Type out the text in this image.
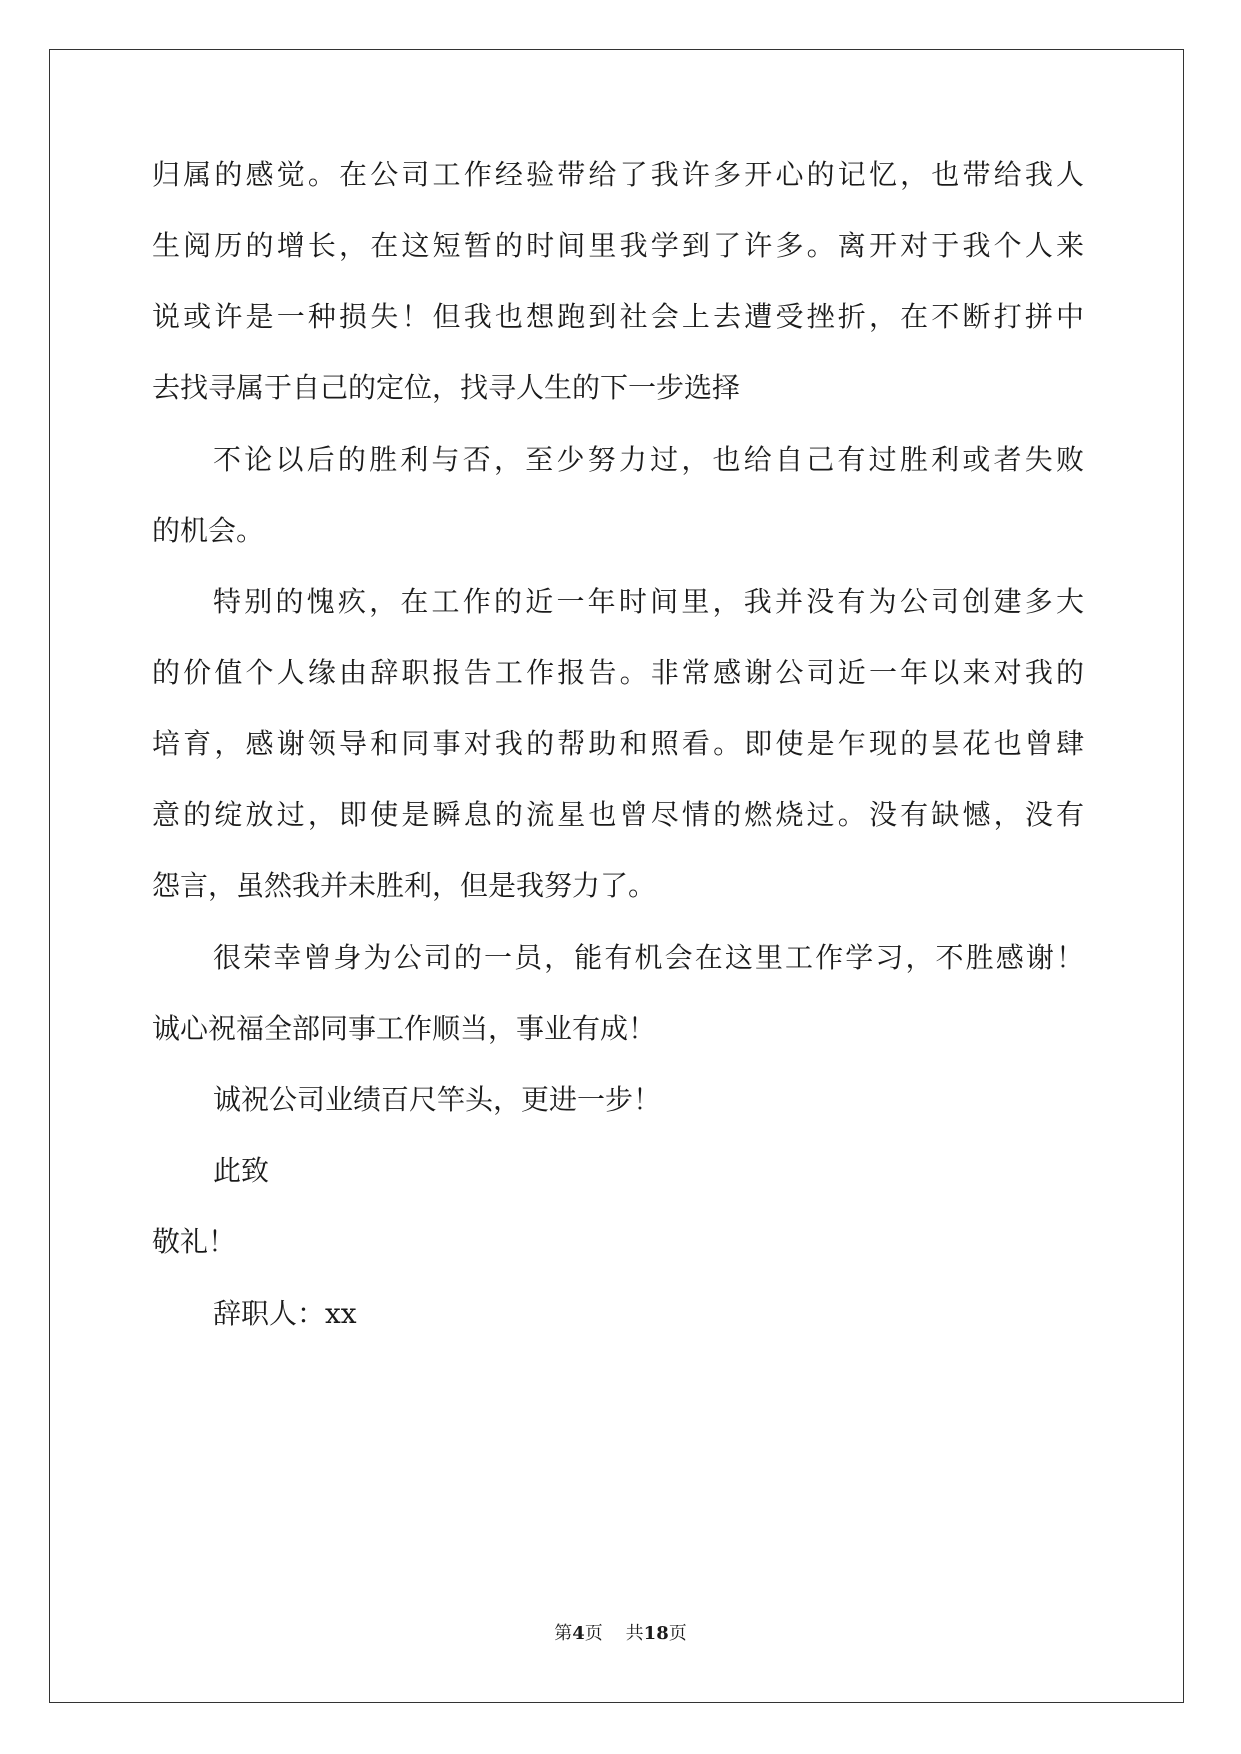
归属的感觉。在公司工作经验带给了我许多开心的记忆，也带给我人
生阅历的增长，在这短暂的时间里我学到了许多。离开对于我个人来
说或许是一种损失！但我也想跑到社会上去遭受挫折，在不断打拼中
去找寻属于自己的定位，找寻人生的下一步选择
不论以后的胜利与否，至少努力过，也给自己有过胜利或者失败
的机会。
特别的愧疚，在工作的近一年时间里，我并没有为公司创建多大
的价值个人缘由辞职报告工作报告。非常感谢公司近一年以来对我的
培育，感谢领导和同事对我的帮助和照看。即使是乍现的昙花也曾肆
意的绽放过，即使是瞬息的流星也曾尽情的燃烧过。没有缺憾，没有
怨言，虽然我并未胜利，但是我努力了。
很荣幸曾身为公司的一员，能有机会在这里工作学习，不胜感谢！
诚心祝福全部同事工作顺当，事业有成！
诚祝公司业绩百尺竿头，更进一步！
此致
敬礼！
辞职人：xx
第4页 共18页
